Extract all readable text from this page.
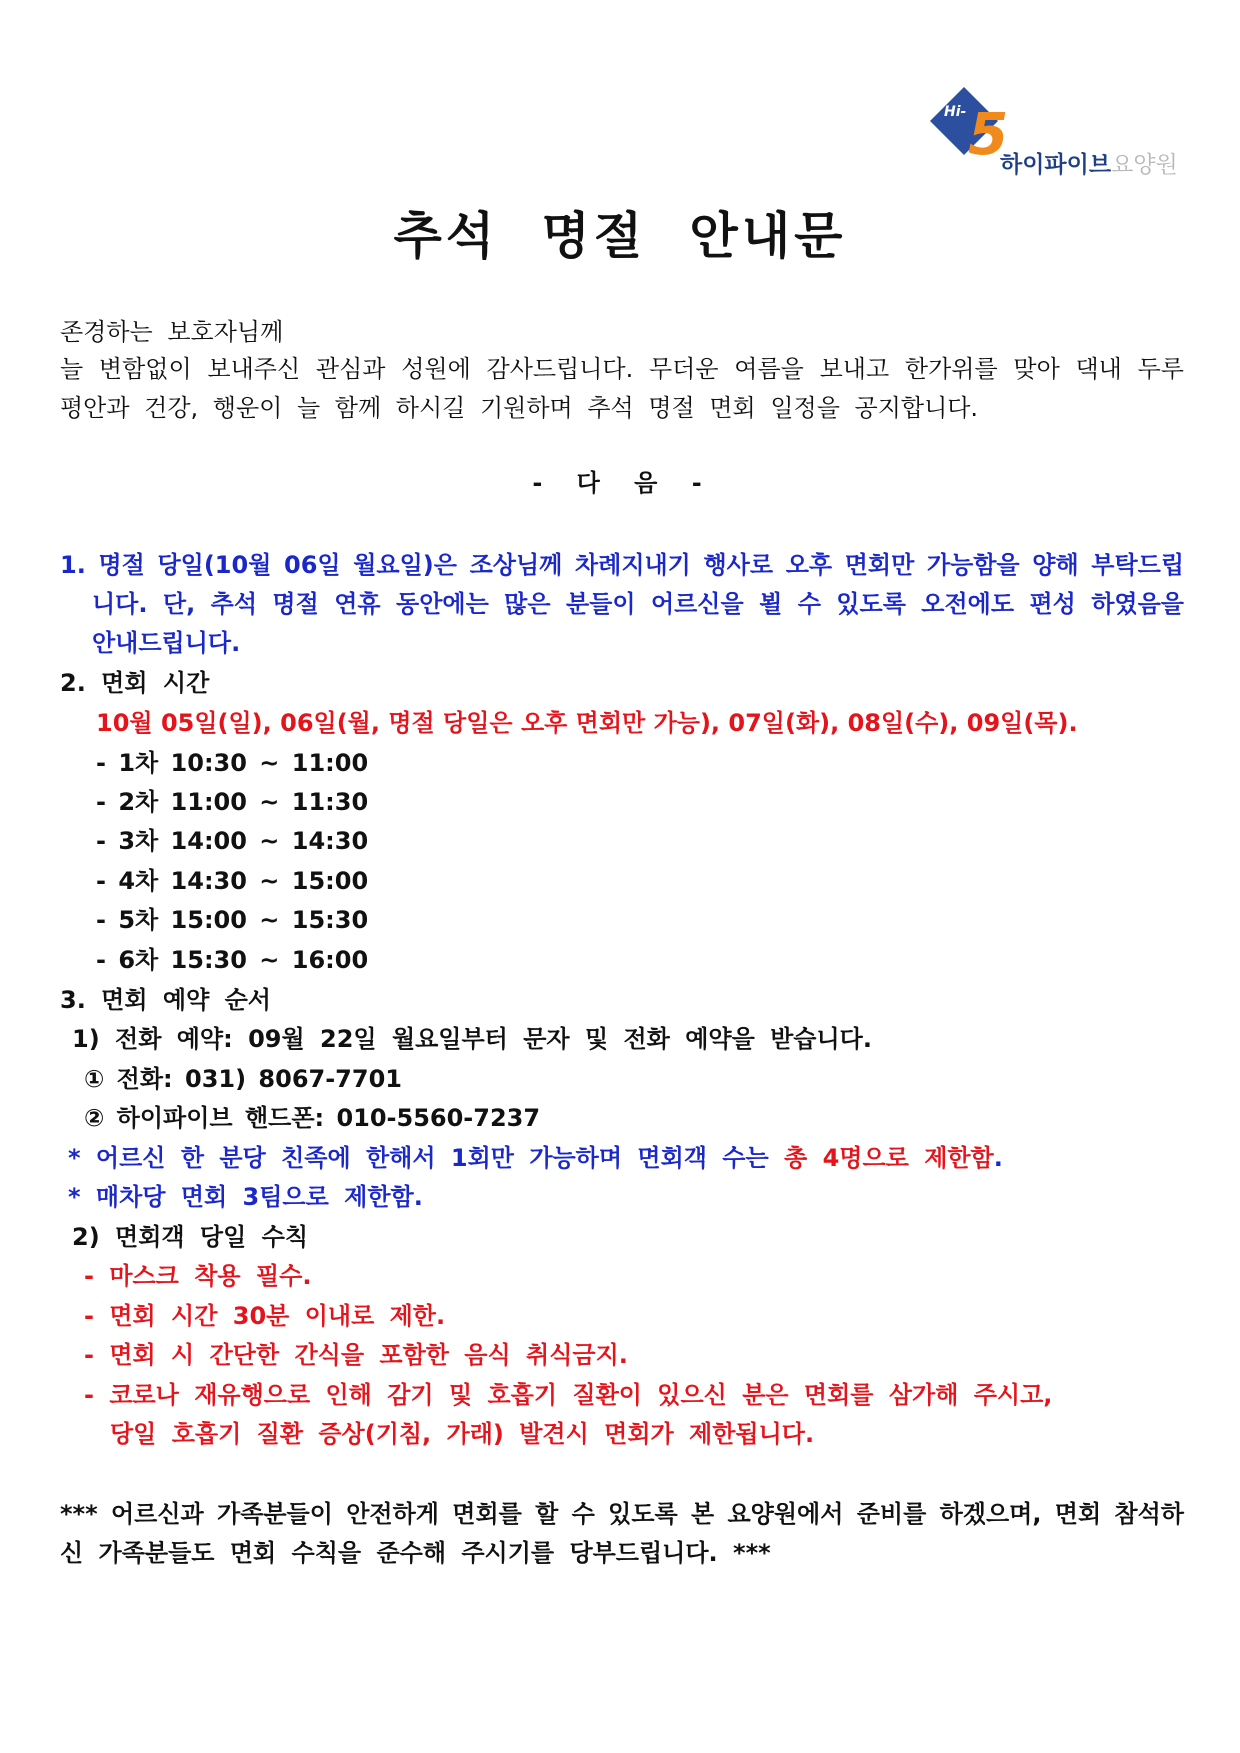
Hi- 5
하이파이브요양원
추석 명절 안내문
존경하는 보호자님께
늘 변함없이 보내주신 관심과 성원에 감사드립니다. 무더운 여름을 보내고 한가위를 맞아 댁내 두루
평안과 건강, 행운이 늘 함께 하시길 기원하며 추석 명절 면회 일정을 공지합니다.
- 다 음 -
1. 명절 당일(10월 06일 월요일)은 조상님께 차례지내기 행사로 오후 면회만 가능함을 양해 부탁드립
니다. 단, 추석 명절 연휴 동안에는 많은 분들이 어르신을 뵐 수 있도록 오전에도 편성 하였음을
안내드립니다.
2. 면회 시간
10월 05일(일), 06일(월, 명절 당일은 오후 면회만 가능), 07일(화), 08일(수), 09일(목).
- 1차 10:30 ~ 11:00
- 2차 11:00 ~ 11:30
- 3차 14:00 ~ 14:30
- 4차 14:30 ~ 15:00
- 5차 15:00 ~ 15:30
- 6차 15:30 ~ 16:00
3. 면회 예약 순서
1) 전화 예약: 09월 22일 월요일부터 문자 및 전화 예약을 받습니다.
① 전화: 031) 8067-7701
② 하이파이브 핸드폰: 010-5560-7237
* 어르신 한 분당 친족에 한해서 1회만 가능하며 면회객 수는 총 4명으로 제한함.
* 매차당 면회 3팀으로 제한함.
2) 면회객 당일 수칙
- 마스크 착용 필수.
- 면회 시간 30분 이내로 제한.
- 면회 시 간단한 간식을 포함한 음식 취식금지.
- 코로나 재유행으로 인해 감기 및 호흡기 질환이 있으신 분은 면회를 삼가해 주시고,
당일 호흡기 질환 증상(기침, 가래) 발견시 면회가 제한됩니다.
*** 어르신과 가족분들이 안전하게 면회를 할 수 있도록 본 요양원에서 준비를 하겠으며, 면회 참석하
신 가족분들도 면회 수칙을 준수해 주시기를 당부드립니다. ***
